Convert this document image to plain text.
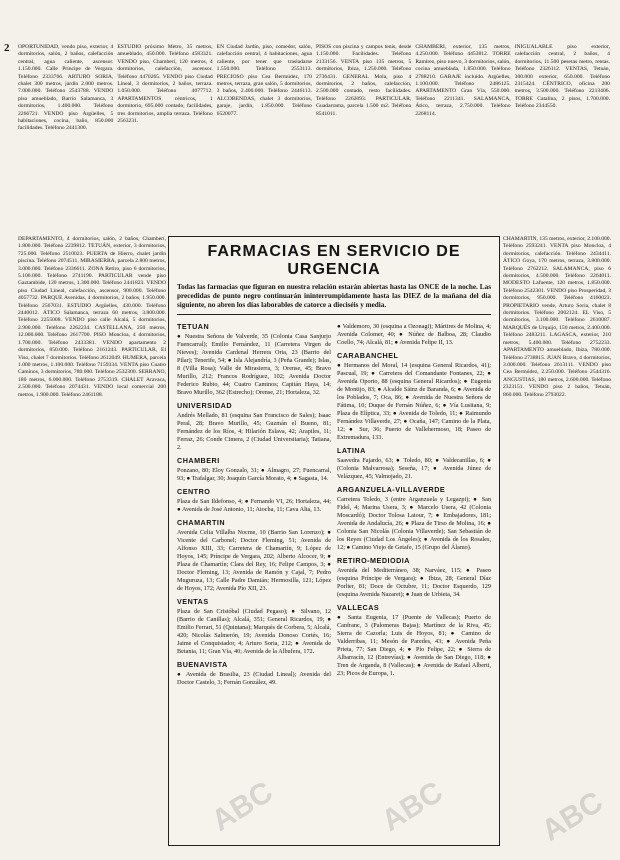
2 OPORTUNIDAD, vendo piso, exterior, 4 dormitorios, salón, 2 baños, calefacción central, agua caliente, ascensor. 1.150.000. Calle Príncipe de Vergara. Teléfono 2333766. ARTURO SORIA, chalet 300 metros, jardín 2.000 metros. 7.000.000. Teléfono 2543788. VENDO piso amueblado, Barrio Salamanca, 3 dormitorios, 1.400.000. Teléfono 2266721. VENDO piso Argüelles, 5 habitaciones, cocina, baño, 850.000 facilidades. Teléfono 2441300.
ESTUDIO próximo Metro, 35 metros, amueblado, 450.000. Teléfono 4583321. VENDO piso, Chamberí, 120 metros, 4 dormitorios, calefacción, ascensor. Teléfono 4470265. VENDO piso Ciudad Lineal, 3 dormitorios, 2 baños, terraza. 1.050.000. Teléfono 4077712. APARTAMENTOS céntricos, 1 dormitorio, 695.000 contado, facilidades, tres dormitorios, amplia terraza. Teléfono 2563231.
EN Ciudad Jardín, piso, comedor, salón, calefacción central, 4 habitaciones, agua caliente, por tener que trasladarse 1.550.000. Teléfono 2553113. PRECIOSO piso Cea Bermúdez, 170 metros, terraza, gran salón, 5 dormitorios, 3 baños, 2.400.000. Teléfono 2446113. ALCOBENDAS, chalet 3 dormitorios, garaje, jardín, 1.850.000. Teléfono 6520077.
PISOS con piscina y campos tenis, desde 1.150.000. Facilidades. Teléfono 2133156. VENTA piso 135 metros, 5 dormitorios, Ibiza, 1.250.000. Teléfono 2736431. GENERAL Mola, piso 4 dormitorios, 2 baños, calefacción, 2.500.000 contado, resto facilidades. Teléfono 2262093. PARTICULAR, Guadarrama, parcela 1.500 m2. Teléfono 8541011.
CHAMBERÍ, exterior, 135 metros, 4.250.000. Teléfono 4453812. TORRE Ramírez, piso nuevo, 3 dormitorios, salón, cocina amueblada, 1.850.000. Teléfono 2788210. GARAJE incluido. Argüelles, 1.100.000. Teléfono 2486125. APARTAMENTO Gran Vía, 550.000. Teléfono 2211341. SALAMANCA, Ático, terraza, 2.750.000. Teléfono 2268114.
INIGUALABLE piso exterior, calefacción central, 2 baños, 4 dormitorios, 11.500 pesetas metro, rentas. Teléfono 2326112. VENTAS, Tetuán, 300.000 exterior, 650.000. Teléfono 2315424. CÉNTRICO, oficina 200 metros, 3.500.000. Teléfono 2213406. TORRE Catalina, 2 pisos, 1.700.000. Teléfono 2344550.
DEPARTAMENTO, 4 dormitorios, salón, 2 baños, Chamberí, 1.800.000. Teléfono 2239812. TETUÁN, exterior, 3 dormitorios, 725.000. Teléfono 2510023. PUERTA de Hierro, chalet jardín piscina. Teléfono 2074511. MIRASIERRA, parcela 2.800 metros, 3.000.000. Teléfono 2336611. ZONA Retiro, piso 6 dormitorios, 5.100.000. Teléfono 2741190. PARTICULAR vende piso Gaztambide, 120 metros, 1.300.000. Teléfono 2441823. VENDO piso Ciudad Lineal, calefacción, ascensor, 900.000. Teléfono 4057732. PARQUE Avenidas, 4 dormitorios, 2 baños, 1.950.000. Teléfono 2567031. ESTUDIO Argüelles, 430.000. Teléfono 2440012. ÁTICO Salamanca, terraza 60 metros, 3.800.000. Teléfono 2255008. VENDO piso calle Alcalá, 5 dormitorios, 2.900.000. Teléfono 2262234. CASTELLANA, 250 metros, 12.000.000. Teléfono 2617700. PISO Moncloa, 4 dormitorios, 1.700.000. Teléfono 2433381. VENDO apartamento 2 dormitorios, 850.000. Teléfono 2161243. PARTICULAR, El Viso, chalet 7 dormitorios. Teléfono 2612049. HUMERA, parcela 1.000 metros, 1.100.000. Teléfono 7159334. VENTA piso Cuatro Caminos, 3 dormitorios, 780.000. Teléfono 2532300. SERRANO, 180 metros, 6.000.000. Teléfono 2753319. CHALET Aravaca, 2.500.000. Teléfono 2074431. VENDO local comercial 200 metros, 1.900.000. Teléfono 2461188.
FARMACIAS EN SERVICIO DE URGENCIA
Todas las farmacias que figuran en nuestra relación estarán abiertas hasta las ONCE de la noche. Las precedidas de punto negro continuarán ininterrumpidamente hasta las DIEZ de la mañana del día siguiente, no abren los días laborables de catorce a dieciséis y media.
TETUAN

● Nuestra Señora de Valverde, 35 (Colonia Casa Sanjurjo Fuencarral); Emilio Fernández, 11 (Carretera Virgen de Nieves); Avenida Cardenal Herrera Oria, 23 (Barrio del Pilar); Tenerife, 54; ● Isla Alejandría, 3 (Peña Grande); Islas, 8 (Villa Rosa); Valle de Mirasierra, 3; Orense, 45; Bravo Murillo, 212; Francos Rodríguez, 102; Avenida Doctor Federico Rubio, 44; Cuatro Caminos; Capitán Haya, 14; Bravo Murillo, 362 (Estrecho); Orense, 21; Hortaleza, 32.

UNIVERSIDAD

Andrés Mellado, 81 (esquina San Francisco de Sales); Isaac Peral, 28; Bravo Murillo, 45; Guzmán el Bueno, 81; Fernández de los Ríos, 4; Hilarión Eslava, 42; Arapiles, 11; Ferraz, 26; Conde Cimera, 2 (Ciudad Universitaria); Tatiana, 2.

CHAMBERI

Ponzano, 80; Eloy Gonzalo, 31; ● Almagro, 27; Fuencarral, 93; ● Trafalgar, 30; Joaquín García Morato, 4; ● Sagasta, 14.

CENTRO

Plaza de San Ildefonso, 4; ● Fernando VI, 26; Hortaleza, 44; ● Avenida de José Antonio, 11; Atocha, 11; Cava Alta, 13.

CHAMARTIN

Avenida Celia Villalba Nocme, 10 (Barrio San Lorenzo); ● Vicente del Carbonel; Doctor Fleming, 51; Avenida de Alfonso XIII, 33; Carretera de Chamartín, 9; López de Hoyos, 145; Príncipe de Vergara, 202; Alberto Alcocer, 9; ● Plaza de Chamartín; Clara del Rey, 16; Felipe Campos, 3; ● Doctor Fleming, 13; Avenida de Ramón y Cajal, 7; Pedro Muguruza, 13; Calle Padre Damián; Hermosilla, 121; López de Hoyos, 172; Avenida Pío XII, 23.

VENTAS

Plaza de San Cristóbal (Ciudad Pegaso); ● Silvano, 12 (Barrio de Canillas); Alcalá, 351; General Ricardos, 19; ● Emilio Ferrari, 51 (Quintana); Marqués de Corbera, 5; Alcalá, 420; Nicolás Salmerón, 19; Avenida Donoso Cortés, 16; Jaime el Conquistador, 4; Arturo Soria, 212; ● Avenida de Betania, 11; Gran Vía, 40; Avenida de la Albufera, 172.

BUENAVISTA

● Avenida de Brasilia, 23 (Ciudad Lineal); Avenida del Doctor Castelo, 3; Fernán González, 49.

● Valdemoro, 30 (esquina a Ozonagi); Mártires de Molina, 4; Avenida Colomer, 40; ● Núñez de Balboa, 28; Claudio Coello, 74; Alcalá, 81; ● Avenida Felipe II, 13.

CARABANCHEL

● Hermanos del Moral, 14 (esquina General Ricardos, 41); Pascual, 19; ● Carretera del Comandante Fontanes, 22; ● Avenida Oporto, 88 (esquina General Ricardos); ● Eugenia de Montijo, 83; ● Alcalde Sáinz de Baranda, 6; ● Avenida de los Poblados, 7; Oca, 86; ● Avenida de Nuestra Señora de Fátima, 10; Duque de Fernán Núñez, 6; ● Vía Lusitana, 9; Plaza de Elíptica, 33; ● Avenida de Toledo, 11; ● Raimundo Fernández Villaverde, 27; ● Ocaña, 147; Camino de la Plata, 12; ● Sur, 36; Puerto de Vallehermoso, 18; Paseo de Extremadura, 133.

LATINA

Saavedra Fajardo, 63; ● Toledo, 80; ● Valdecanillas, 6; ● (Colonia Malvarrosa); Seseña, 17; ● Avenida Júnez de Velázquez, 45; Valmojado, 21.

ARGANZUELA-VILLAVERDE

Carretera Toledo, 3 (entre Arganzuela y Legazpi); ● San Fidel, 4; Marina Usera, 3; ● Marcelo Usera, 42 (Colonia Moscardó); Doctor Tolosa Latour, 7; ● Embajadores, 181; Avenida de Andalucía, 26; ● Plaza de Tirso de Molina, 16; ● Colonia San Nicolás (Colonia Villaverde); San Sebastián de los Reyes (Ciudad Los Ángeles); ● Avenida de los Rosales, 12; ● Camino Viejo de Getafe, 15 (Grupo del Álamo).

RETIRO-MEDIODIA

Avenida del Mediterráneo, 38; Narváez, 115; ● Paseo (esquina Príncipe de Vergara); ● Ibiza, 28; General Díaz Porlier, 81; Doce de Octubre, 11; Doctor Esquerdo, 129 (esquina Avenida Nazaret); ● Juan de Urbieta, 34.

VALLECAS

● Santa Eugenia, 17 (Puente de Vallecas); Puerto de Canfranc, 3 (Palomeras Bajas); Martínez de la Riva, 45; Sierra de Cazorla; Luis de Hoyos, 81; ● Camino de Valderribas, 11; Mesón de Paredes, 43; ● Avenida Peña Prieta, 77; San Diego, 4; ● Pío Felipe, 22; ● Sierra de Albarracín, 12 (Entrevías); ● Avenida de San Diego, 118; ● Tren de Arganda, 8 (Vallecas); ● Avenida de Rafael Alberti, 23; Picos de Europa, 1.

CHAMARTÍN, 135 metros, exterior, 2.100.000. Teléfono 2593241. VENTA piso Moncloa, 4 dormitorios, calefacción. Teléfono 2434411. ÁTICO Goya, 170 metros, terraza, 3.800.000. Teléfono 2762212. SALAMANCA, piso 6 dormitorios, 4.500.000. Teléfono 2264011. MODESTO Lafuente, 120 metros, 1.850.000. Teléfono 2542301. VENDO piso Prosperidad, 3 dormitorios, 950.000. Teléfono 4160023. PROPIETARIO vende, Arturo Soria, chalet 8 dormitorios. Teléfono 2002124. EL Viso, 5 dormitorios, 3.100.000. Teléfono 2610087. MARQUÉS de Urquijo, 150 metros, 2.400.000. Teléfono 2483211. LAGASCA, exterior, 210 metros, 5.400.000. Teléfono 2752233. APARTAMENTO amueblado, Ibiza, 780.000. Teléfono 2738815. JUAN Bravo, 4 dormitorios, 3.000.000. Teléfono 2613111. VENDO piso Cea Bermúdez, 2.250.000. Teléfono 2544316. ANGUSTIAS, 180 metros, 2.600.000. Teléfono 2323151. VENDO piso 2 baños, Tetuán, 860.000. Teléfono 2793022.
ABC	ABC	ABC
